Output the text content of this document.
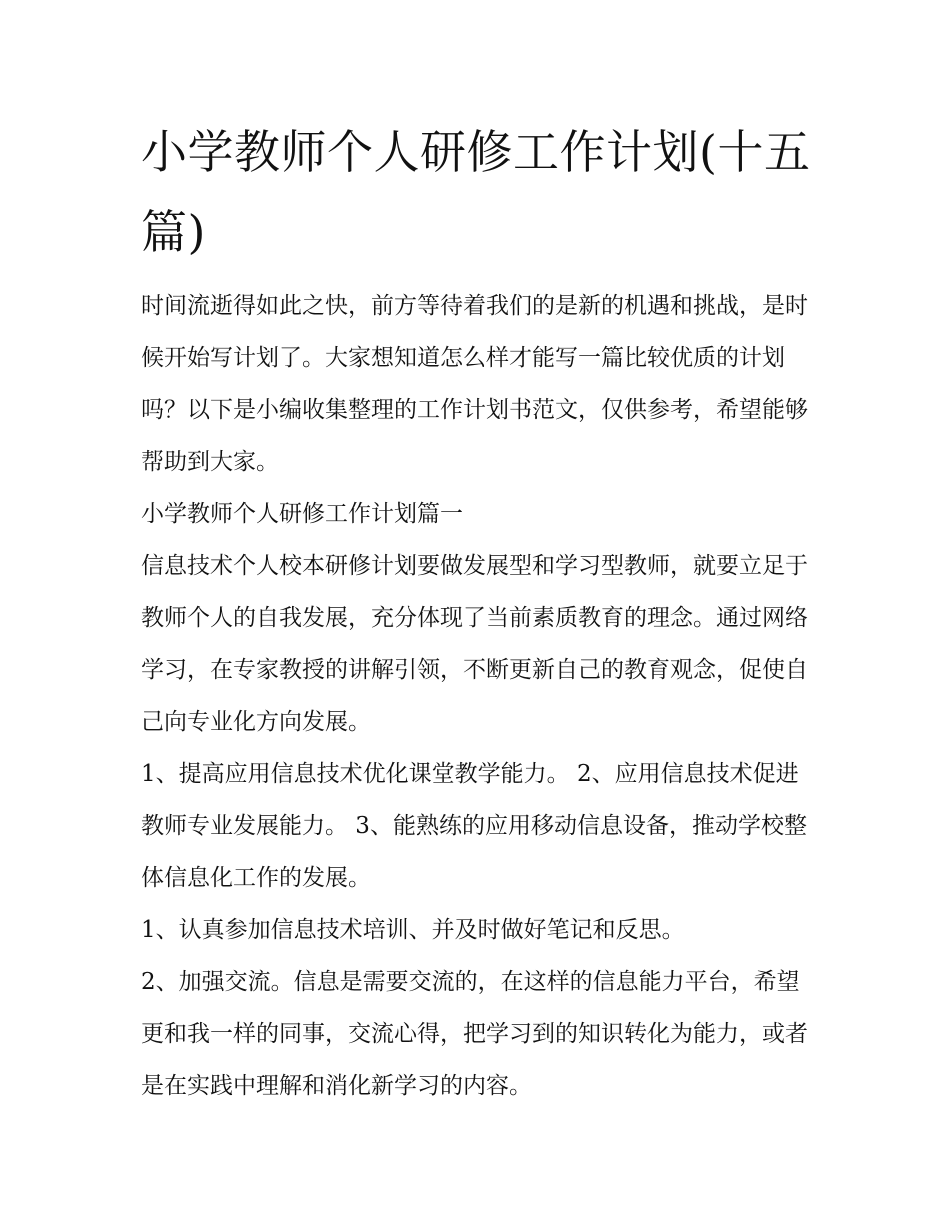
小学教师个人研修工作计划(十五篇)

时间流逝得如此之快，前方等待着我们的是新的机遇和挑战，是时候开始写计划了。大家想知道怎么样才能写一篇比较优质的计划吗？以下是小编收集整理的工作计划书范文，仅供参考，希望能够帮助到大家。

小学教师个人研修工作计划篇一

信息技术个人校本研修计划要做发展型和学习型教师，就要立足于教师个人的自我发展，充分体现了当前素质教育的理念。通过网络学习，在专家教授的讲解引领，不断更新自己的教育观念，促使自己向专业化方向发展。

1、提高应用信息技术优化课堂教学能力。 2、应用信息技术促进教师专业发展能力。 3、能熟练的应用移动信息设备，推动学校整体信息化工作的发展。

1、认真参加信息技术培训、并及时做好笔记和反思。

2、加强交流。信息是需要交流的，在这样的信息能力平台，希望更和我一样的同事，交流心得，把学习到的知识转化为能力，或者是在实践中理解和消化新学习的内容。
